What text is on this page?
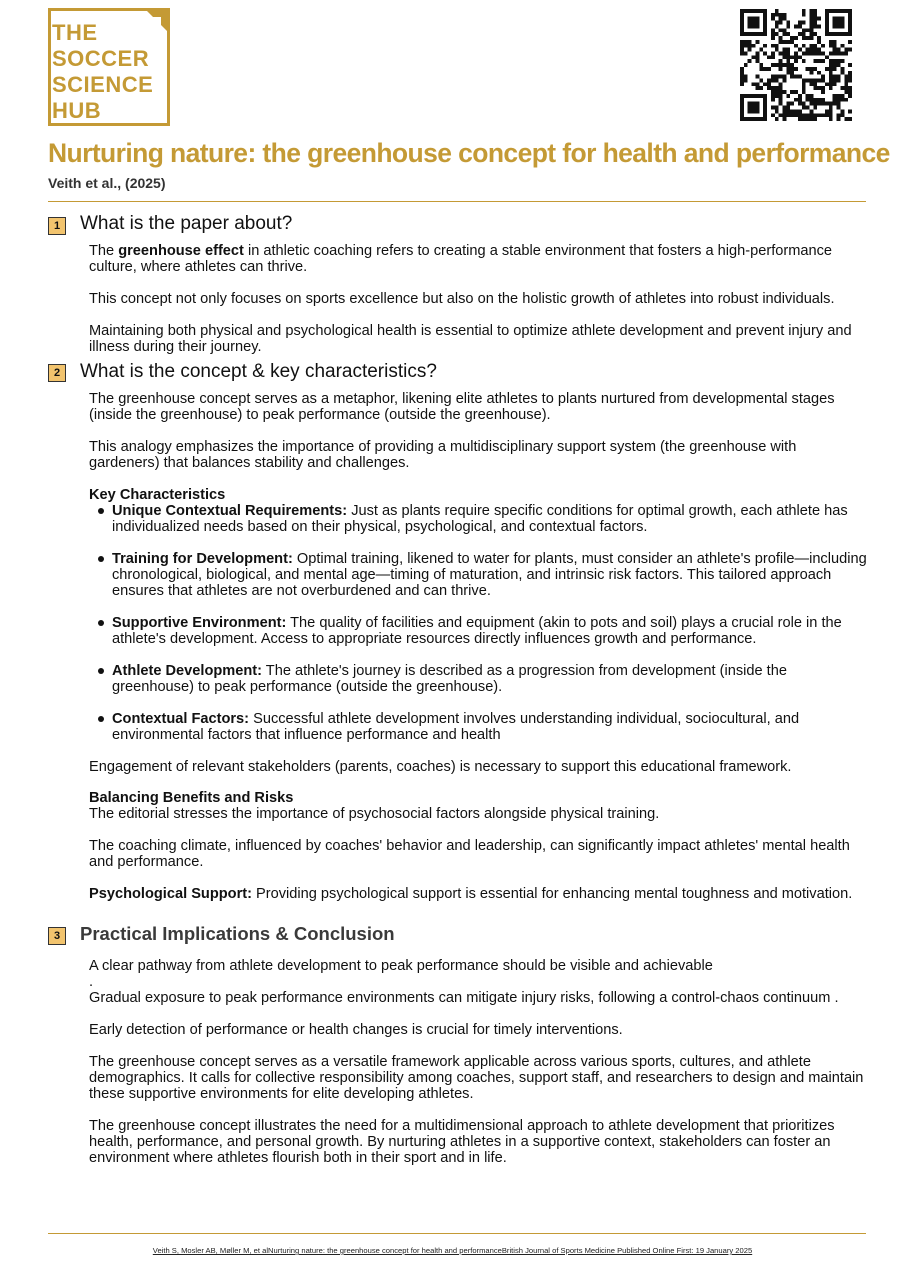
THE
SOCCER
SCIENCE
HUB
Nurturing nature: the greenhouse concept for health and performance
Veith et al., (2025)
1	What is the paper about?

The greenhouse effect in athletic coaching refers to creating a stable environment that fosters a high-performance culture, where athletes can thrive.

This concept not only focuses on sports excellence but also on the holistic growth of athletes into robust individuals.

Maintaining both physical and psychological health is essential to optimize athlete development and prevent injury and illness during their journey.

2	What is the concept & key characteristics?

The greenhouse concept serves as a metaphor, likening elite athletes to plants nurtured from developmental stages (inside the greenhouse) to peak performance (outside the greenhouse).

This analogy emphasizes the importance of providing a multidisciplinary support system (the greenhouse with gardeners) that balances stability and challenges.

Key Characteristics

Unique Contextual Requirements: Just as plants require specific conditions for optimal growth, each athlete has individualized needs based on their physical, psychological, and contextual factors.

Training for Development: Optimal training, likened to water for plants, must consider an athlete's profile—including chronological, biological, and mental age—timing of maturation, and intrinsic risk factors. This tailored approach ensures that athletes are not overburdened and can thrive.

Supportive Environment: The quality of facilities and equipment (akin to pots and soil) plays a crucial role in the athlete's development. Access to appropriate resources directly influences growth and performance.

Athlete Development: The athlete's journey is described as a progression from development (inside the greenhouse) to peak performance (outside the greenhouse).

Contextual Factors: Successful athlete development involves understanding individual, sociocultural, and environmental factors that influence performance and health

Engagement of relevant stakeholders (parents, coaches) is necessary to support this educational framework.

Balancing Benefits and Risks

The editorial stresses the importance of psychosocial factors alongside physical training.

The coaching climate, influenced by coaches' behavior and leadership, can significantly impact athletes' mental health and performance.

Psychological Support: Providing psychological support is essential for enhancing mental toughness and motivation.

3	Practical Implications & Conclusion

A clear pathway from athlete development to peak performance should be visible and achievable

.

Gradual exposure to peak performance environments can mitigate injury risks, following a control-chaos continuum .

Early detection of performance or health changes is crucial for timely interventions.

The greenhouse concept serves as a versatile framework applicable across various sports, cultures, and athlete demographics. It calls for collective responsibility among coaches, support staff, and researchers to design and maintain these supportive environments for elite developing athletes.

The greenhouse concept illustrates the need for a multidimensional approach to athlete development that prioritizes health, performance, and personal growth. By nurturing athletes in a supportive context, stakeholders can foster an environment where athletes flourish both in their sport and in life.

Veith S, Mosler AB, Møller M, et alNurturing nature: the greenhouse concept for health and performanceBritish Journal of Sports Medicine Published Online First: 19 January 2025
